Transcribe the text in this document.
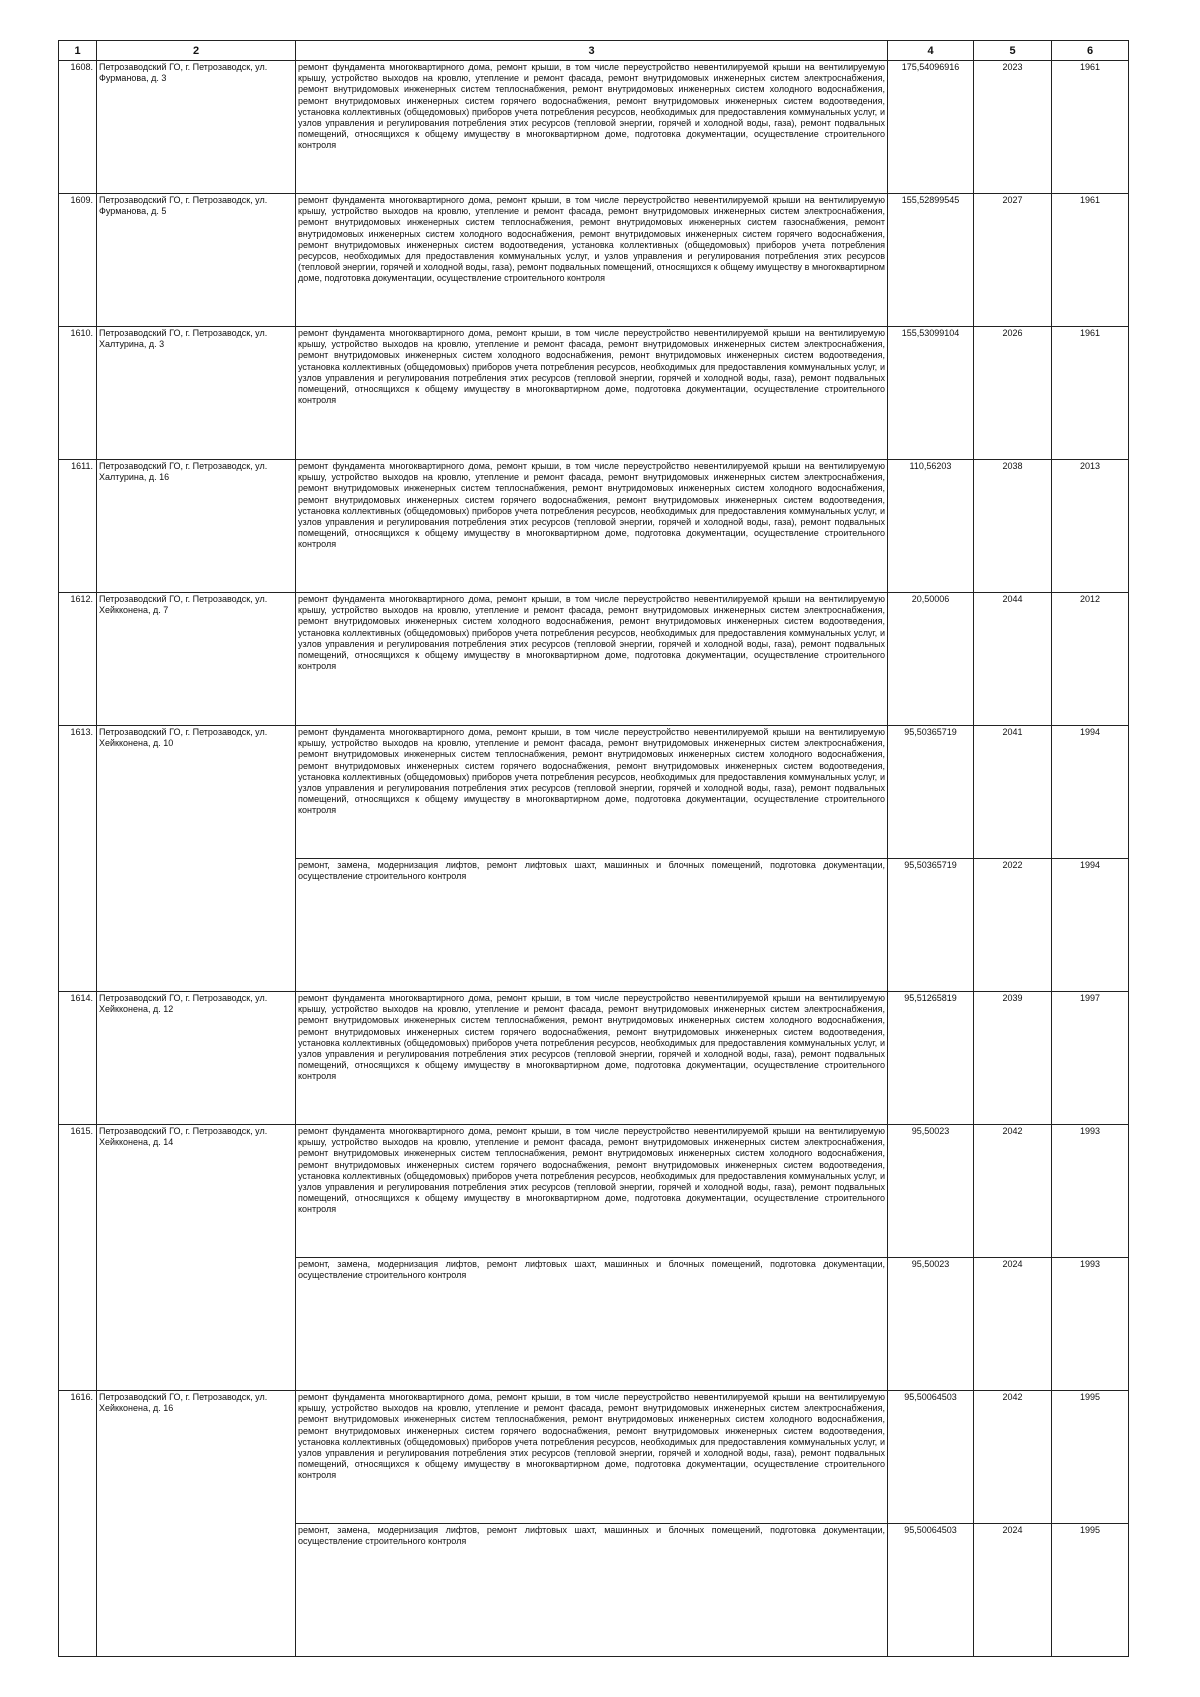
1	2	3	4	5	6
1608.	Петрозаводский ГО, г. Петрозаводск, ул. Фурманова, д. 3	ремонт фундамента многоквартирного дома, ремонт крыши, в том числе переустройство невентилируемой крыши на вентилируемую крышу, устройство выходов на кровлю, утепление и ремонт фасада, ремонт внутридомовых инженерных систем электроснабжения, ремонт внутридомовых инженерных систем теплоснабжения, ремонт внутридомовых инженерных систем холодного водоснабжения, ремонт внутридомовых инженерных систем горячего водоснабжения, ремонт внутридомовых инженерных систем водоотведения, установка коллективных (общедомовых) приборов учета потребления ресурсов, необходимых для предоставления коммунальных услуг, и узлов управления и регулирования потребления этих ресурсов (тепловой энергии, горячей и холодной воды, газа), ремонт подвальных помещений, относящихся к общему имуществу в многоквартирном доме, подготовка документации, осуществление строительного контроля	175,54096916	2023	1961
1609.	Петрозаводский ГО, г. Петрозаводск, ул. Фурманова, д. 5	ремонт фундамента многоквартирного дома, ремонт крыши, в том числе переустройство невентилируемой крыши на вентилируемую крышу, устройство выходов на кровлю, утепление и ремонт фасада, ремонт внутридомовых инженерных систем электроснабжения, ремонт внутридомовых инженерных систем теплоснабжения, ремонт внутридомовых инженерных систем газоснабжения, ремонт внутридомовых инженерных систем холодного водоснабжения, ремонт внутридомовых инженерных систем горячего водоснабжения, ремонт внутридомовых инженерных систем водоотведения, установка коллективных (общедомовых) приборов учета потребления ресурсов, необходимых для предоставления коммунальных услуг, и узлов управления и регулирования потребления этих ресурсов (тепловой энергии, горячей и холодной воды, газа), ремонт подвальных помещений, относящихся к общему имуществу в многоквартирном доме, подготовка документации, осуществление строительного контроля	155,52899545	2027	1961
1610.	Петрозаводский ГО, г. Петрозаводск, ул. Халтурина, д. 3	ремонт фундамента многоквартирного дома, ремонт крыши, в том числе переустройство невентилируемой крыши на вентилируемую крышу, устройство выходов на кровлю, утепление и ремонт фасада, ремонт внутридомовых инженерных систем электроснабжения, ремонт внутридомовых инженерных систем холодного водоснабжения, ремонт внутридомовых инженерных систем водоотведения, установка коллективных (общедомовых) приборов учета потребления ресурсов, необходимых для предоставления коммунальных услуг, и узлов управления и регулирования потребления этих ресурсов (тепловой энергии, горячей и холодной воды, газа), ремонт подвальных помещений, относящихся к общему имуществу в многоквартирном доме, подготовка документации, осуществление строительного контроля	155,53099104	2026	1961
1611.	Петрозаводский ГО, г. Петрозаводск, ул. Халтурина, д. 16	ремонт фундамента многоквартирного дома, ремонт крыши, в том числе переустройство невентилируемой крыши на вентилируемую крышу, устройство выходов на кровлю, утепление и ремонт фасада, ремонт внутридомовых инженерных систем электроснабжения, ремонт внутридомовых инженерных систем теплоснабжения, ремонт внутридомовых инженерных систем холодного водоснабжения, ремонт внутридомовых инженерных систем горячего водоснабжения, ремонт внутридомовых инженерных систем водоотведения, установка коллективных (общедомовых) приборов учета потребления ресурсов, необходимых для предоставления коммунальных услуг, и узлов управления и регулирования потребления этих ресурсов (тепловой энергии, горячей и холодной воды, газа), ремонт подвальных помещений, относящихся к общему имуществу в многоквартирном доме, подготовка документации, осуществление строительного контроля	110,56203	2038	2013
1612.	Петрозаводский ГО, г. Петрозаводск, ул. Хейкконена, д. 7	ремонт фундамента многоквартирного дома, ремонт крыши, в том числе переустройство невентилируемой крыши на вентилируемую крышу, устройство выходов на кровлю, утепление и ремонт фасада, ремонт внутридомовых инженерных систем электроснабжения, ремонт внутридомовых инженерных систем холодного водоснабжения, ремонт внутридомовых инженерных систем водоотведения, установка коллективных (общедомовых) приборов учета потребления ресурсов, необходимых для предоставления коммунальных услуг, и узлов управления и регулирования потребления этих ресурсов (тепловой энергии, горячей и холодной воды, газа), ремонт подвальных помещений, относящихся к общему имуществу в многоквартирном доме, подготовка документации, осуществление строительного контроля	20,50006	2044	2012
1613.	Петрозаводский ГО, г. Петрозаводск, ул. Хейкконена, д. 10	ремонт фундамента многоквартирного дома, ремонт крыши, в том числе переустройство невентилируемой крыши на вентилируемую крышу, устройство выходов на кровлю, утепление и ремонт фасада, ремонт внутридомовых инженерных систем электроснабжения, ремонт внутридомовых инженерных систем теплоснабжения, ремонт внутридомовых инженерных систем холодного водоснабжения, ремонт внутридомовых инженерных систем горячего водоснабжения, ремонт внутридомовых инженерных систем водоотведения, установка коллективных (общедомовых) приборов учета потребления ресурсов, необходимых для предоставления коммунальных услуг, и узлов управления и регулирования потребления этих ресурсов (тепловой энергии, горячей и холодной воды, газа), ремонт подвальных помещений, относящихся к общему имуществу в многоквартирном доме, подготовка документации, осуществление строительного контроля	95,50365719	2041	1994
		ремонт, замена, модернизация лифтов, ремонт лифтовых шахт, машинных и блочных помещений, подготовка документации, осуществление строительного контроля	95,50365719	2022	1994
1614.	Петрозаводский ГО, г. Петрозаводск, ул. Хейкконена, д. 12	ремонт фундамента многоквартирного дома, ремонт крыши, в том числе переустройство невентилируемой крыши на вентилируемую крышу, устройство выходов на кровлю, утепление и ремонт фасада, ремонт внутридомовых инженерных систем электроснабжения, ремонт внутридомовых инженерных систем теплоснабжения, ремонт внутридомовых инженерных систем холодного водоснабжения, ремонт внутридомовых инженерных систем горячего водоснабжения, ремонт внутридомовых инженерных систем водоотведения, установка коллективных (общедомовых) приборов учета потребления ресурсов, необходимых для предоставления коммунальных услуг, и узлов управления и регулирования потребления этих ресурсов (тепловой энергии, горячей и холодной воды, газа), ремонт подвальных помещений, относящихся к общему имуществу в многоквартирном доме, подготовка документации, осуществление строительного контроля	95,51265819	2039	1997
1615.	Петрозаводский ГО, г. Петрозаводск, ул. Хейкконена, д. 14	ремонт фундамента многоквартирного дома, ремонт крыши, в том числе переустройство невентилируемой крыши на вентилируемую крышу, устройство выходов на кровлю, утепление и ремонт фасада, ремонт внутридомовых инженерных систем электроснабжения, ремонт внутридомовых инженерных систем теплоснабжения, ремонт внутридомовых инженерных систем холодного водоснабжения, ремонт внутридомовых инженерных систем горячего водоснабжения, ремонт внутридомовых инженерных систем водоотведения, установка коллективных (общедомовых) приборов учета потребления ресурсов, необходимых для предоставления коммунальных услуг, и узлов управления и регулирования потребления этих ресурсов (тепловой энергии, горячей и холодной воды, газа), ремонт подвальных помещений, относящихся к общему имуществу в многоквартирном доме, подготовка документации, осуществление строительного контроля	95,50023	2042	1993
		ремонт, замена, модернизация лифтов, ремонт лифтовых шахт, машинных и блочных помещений, подготовка документации, осуществление строительного контроля	95,50023	2024	1993
1616.	Петрозаводский ГО, г. Петрозаводск, ул. Хейкконена, д. 16	ремонт фундамента многоквартирного дома, ремонт крыши, в том числе переустройство невентилируемой крыши на вентилируемую крышу, устройство выходов на кровлю, утепление и ремонт фасада, ремонт внутридомовых инженерных систем электроснабжения, ремонт внутридомовых инженерных систем теплоснабжения, ремонт внутридомовых инженерных систем холодного водоснабжения, ремонт внутридомовых инженерных систем горячего водоснабжения, ремонт внутридомовых инженерных систем водоотведения, установка коллективных (общедомовых) приборов учета потребления ресурсов, необходимых для предоставления коммунальных услуг, и узлов управления и регулирования потребления этих ресурсов (тепловой энергии, горячей и холодной воды, газа), ремонт подвальных помещений, относящихся к общему имуществу в многоквартирном доме, подготовка документации, осуществление строительного контроля	95,50064503	2042	1995
		ремонт, замена, модернизация лифтов, ремонт лифтовых шахт, машинных и блочных помещений, подготовка документации, осуществление строительного контроля	95,50064503	2024	1995
